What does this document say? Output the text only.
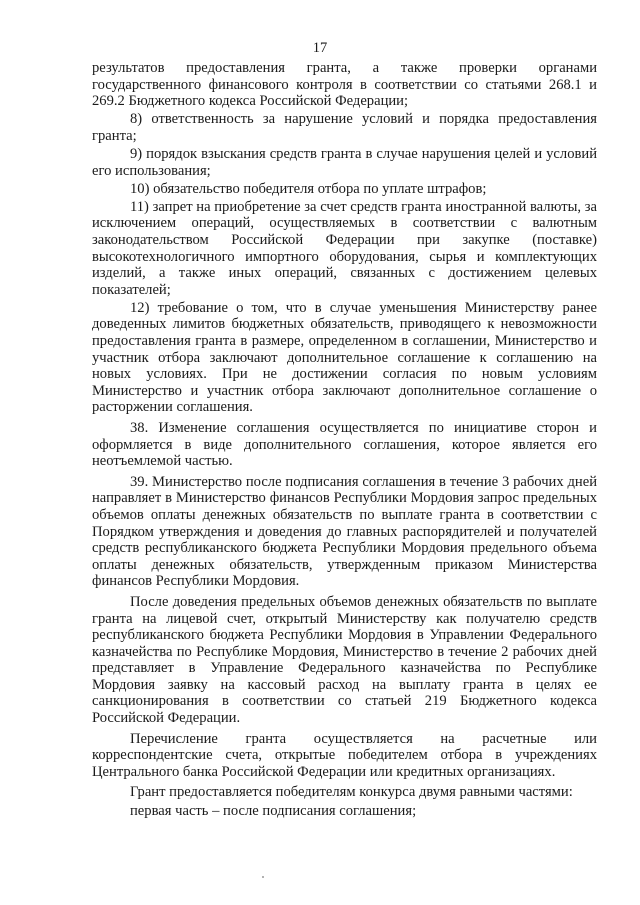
17

результатов предоставления гранта, а также проверки органами государственного финансового контроля в соответствии со статьями 268.1 и 269.2 Бюджетного кодекса Российской Федерации;

8) ответственность за нарушение условий и порядка предоставления гранта;

9) порядок взыскания средств гранта в случае нарушения целей и условий его использования;

10) обязательство победителя отбора по уплате штрафов;

11) запрет на приобретение за счет средств гранта иностранной валюты, за исключением операций, осуществляемых в соответствии с валютным законодательством Российской Федерации при закупке (поставке) высокотехнологичного импортного оборудования, сырья и комплектующих изделий, а также иных операций, связанных с достижением целевых показателей;

12) требование о том, что в случае уменьшения Министерству ранее доведенных лимитов бюджетных обязательств, приводящего к невозможности предоставления гранта в размере, определенном в соглашении, Министерство и участник отбора заключают дополнительное соглашение к соглашению на новых условиях. При не достижении согласия по новым условиям Министерство и участник отбора заключают дополнительное соглашение о расторжении соглашения.

38. Изменение соглашения осуществляется по инициативе сторон и оформляется в виде дополнительного соглашения, которое является его неотъемлемой частью.

39. Министерство после подписания соглашения в течение 3 рабочих дней направляет в Министерство финансов Республики Мордовия запрос предельных объемов оплаты денежных обязательств по выплате гранта в соответствии с Порядком утверждения и доведения до главных распорядителей и получателей средств республиканского бюджета Республики Мордовия предельного объема оплаты денежных обязательств, утвержденным приказом Министерства финансов Республики Мордовия.

После доведения предельных объемов денежных обязательств по выплате гранта на лицевой счет, открытый Министерству как получателю средств республиканского бюджета Республики Мордовия в Управлении Федерального казначейства по Республике Мордовия, Министерство в течение 2 рабочих дней представляет в Управление Федерального казначейства по Республике Мордовия заявку на кассовый расход на выплату гранта в целях ее санкционирования в соответствии со статьей 219 Бюджетного кодекса Российской Федерации.

Перечисление гранта осуществляется на расчетные или корреспондентские счета, открытые победителем отбора в учреждениях Центрального банка Российской Федерации или кредитных организациях.

Грант предоставляется победителям конкурса двумя равными частями:

первая часть – после подписания соглашения;
